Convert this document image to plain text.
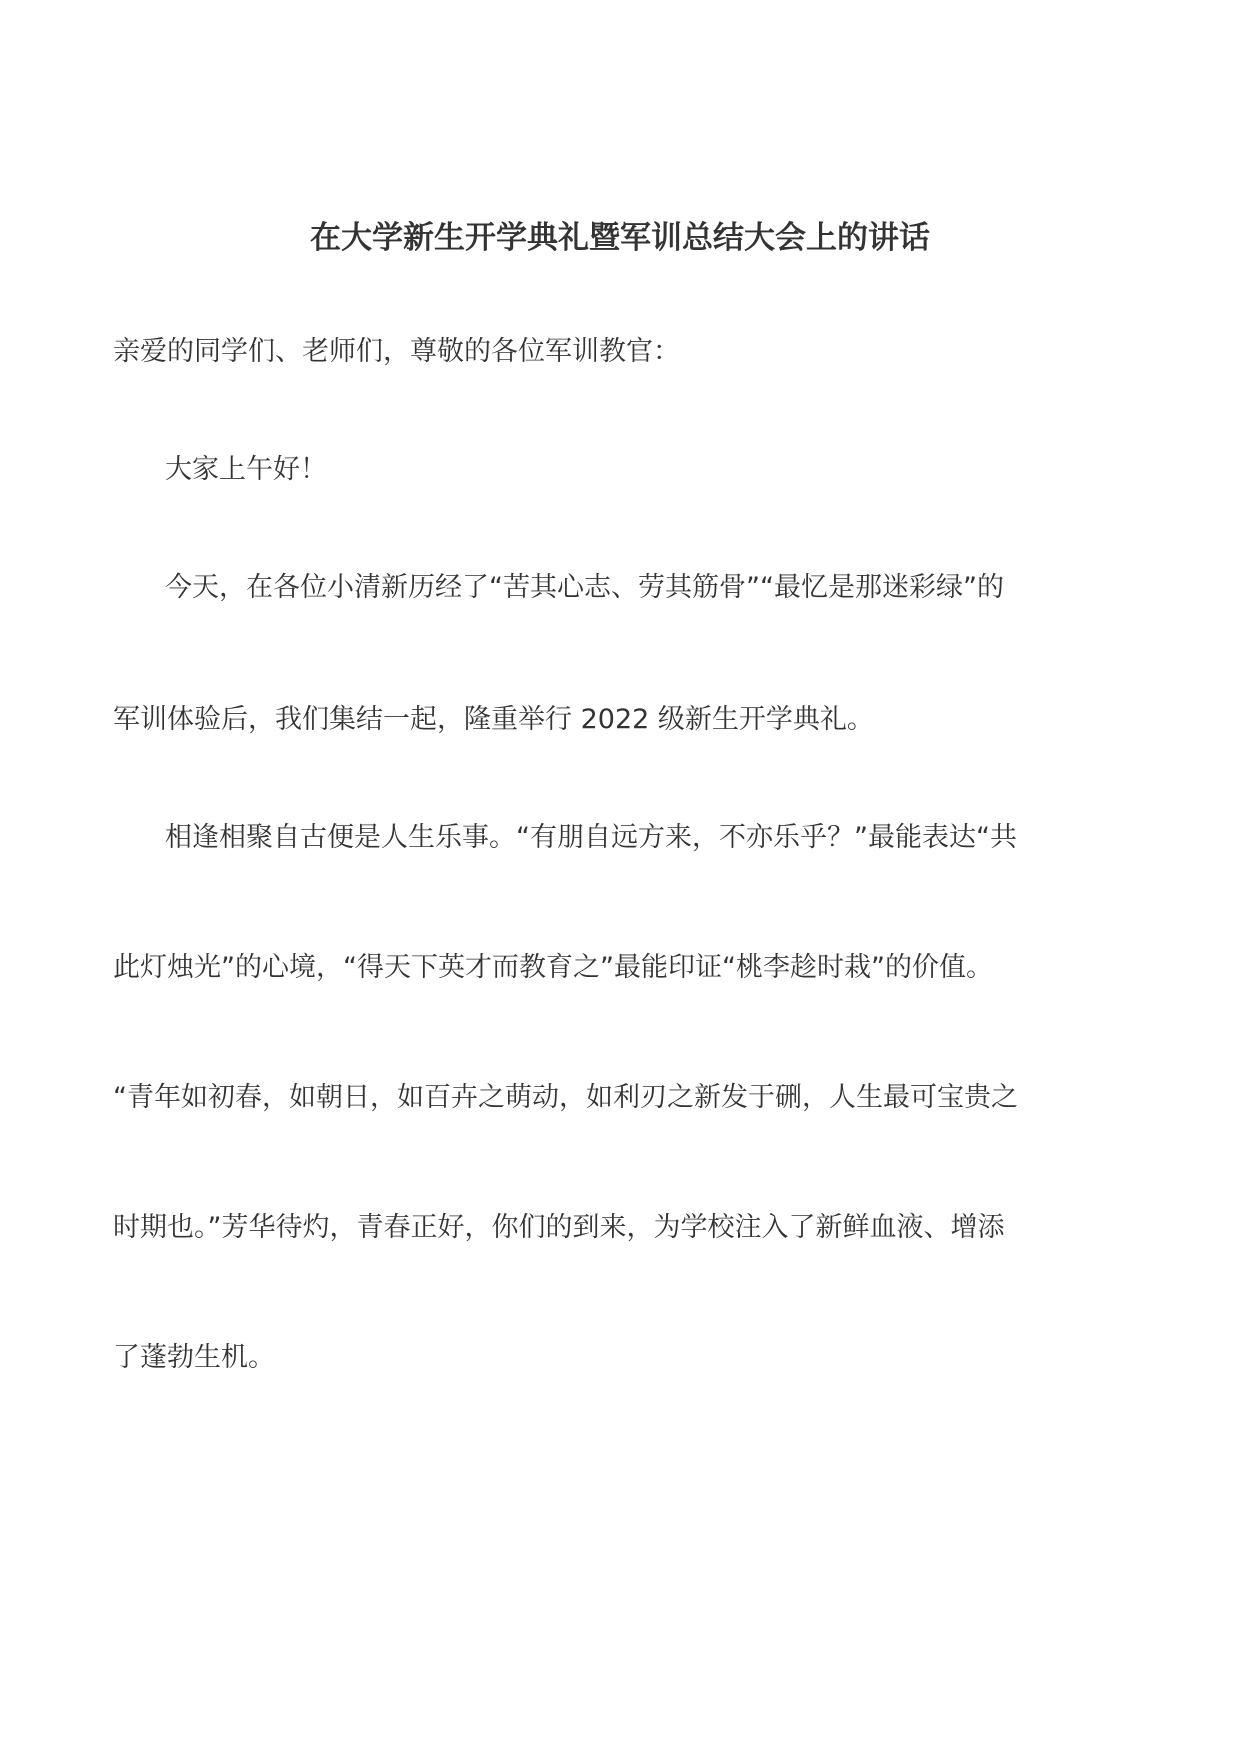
在大学新生开学典礼暨军训总结大会上的讲话
亲爱的同学们、老师们，尊敬的各位军训教官：
大家上午好！
今天，在各位小清新历经了“苦其心志、劳其筋骨”“最忆是那迷彩绿”的
军训体验后，我们集结一起，隆重举行 2022 级新生开学典礼。
相逢相聚自古便是人生乐事。“有朋自远方来，不亦乐乎？”最能表达“共
此灯烛光”的心境，“得天下英才而教育之”最能印证“桃李趁时栽”的价值。
“青年如初春，如朝日，如百卉之萌动，如利刃之新发于硎，人生最可宝贵之
时期也。”芳华待灼，青春正好，你们的到来，为学校注入了新鲜血液、增添
了蓬勃生机。
